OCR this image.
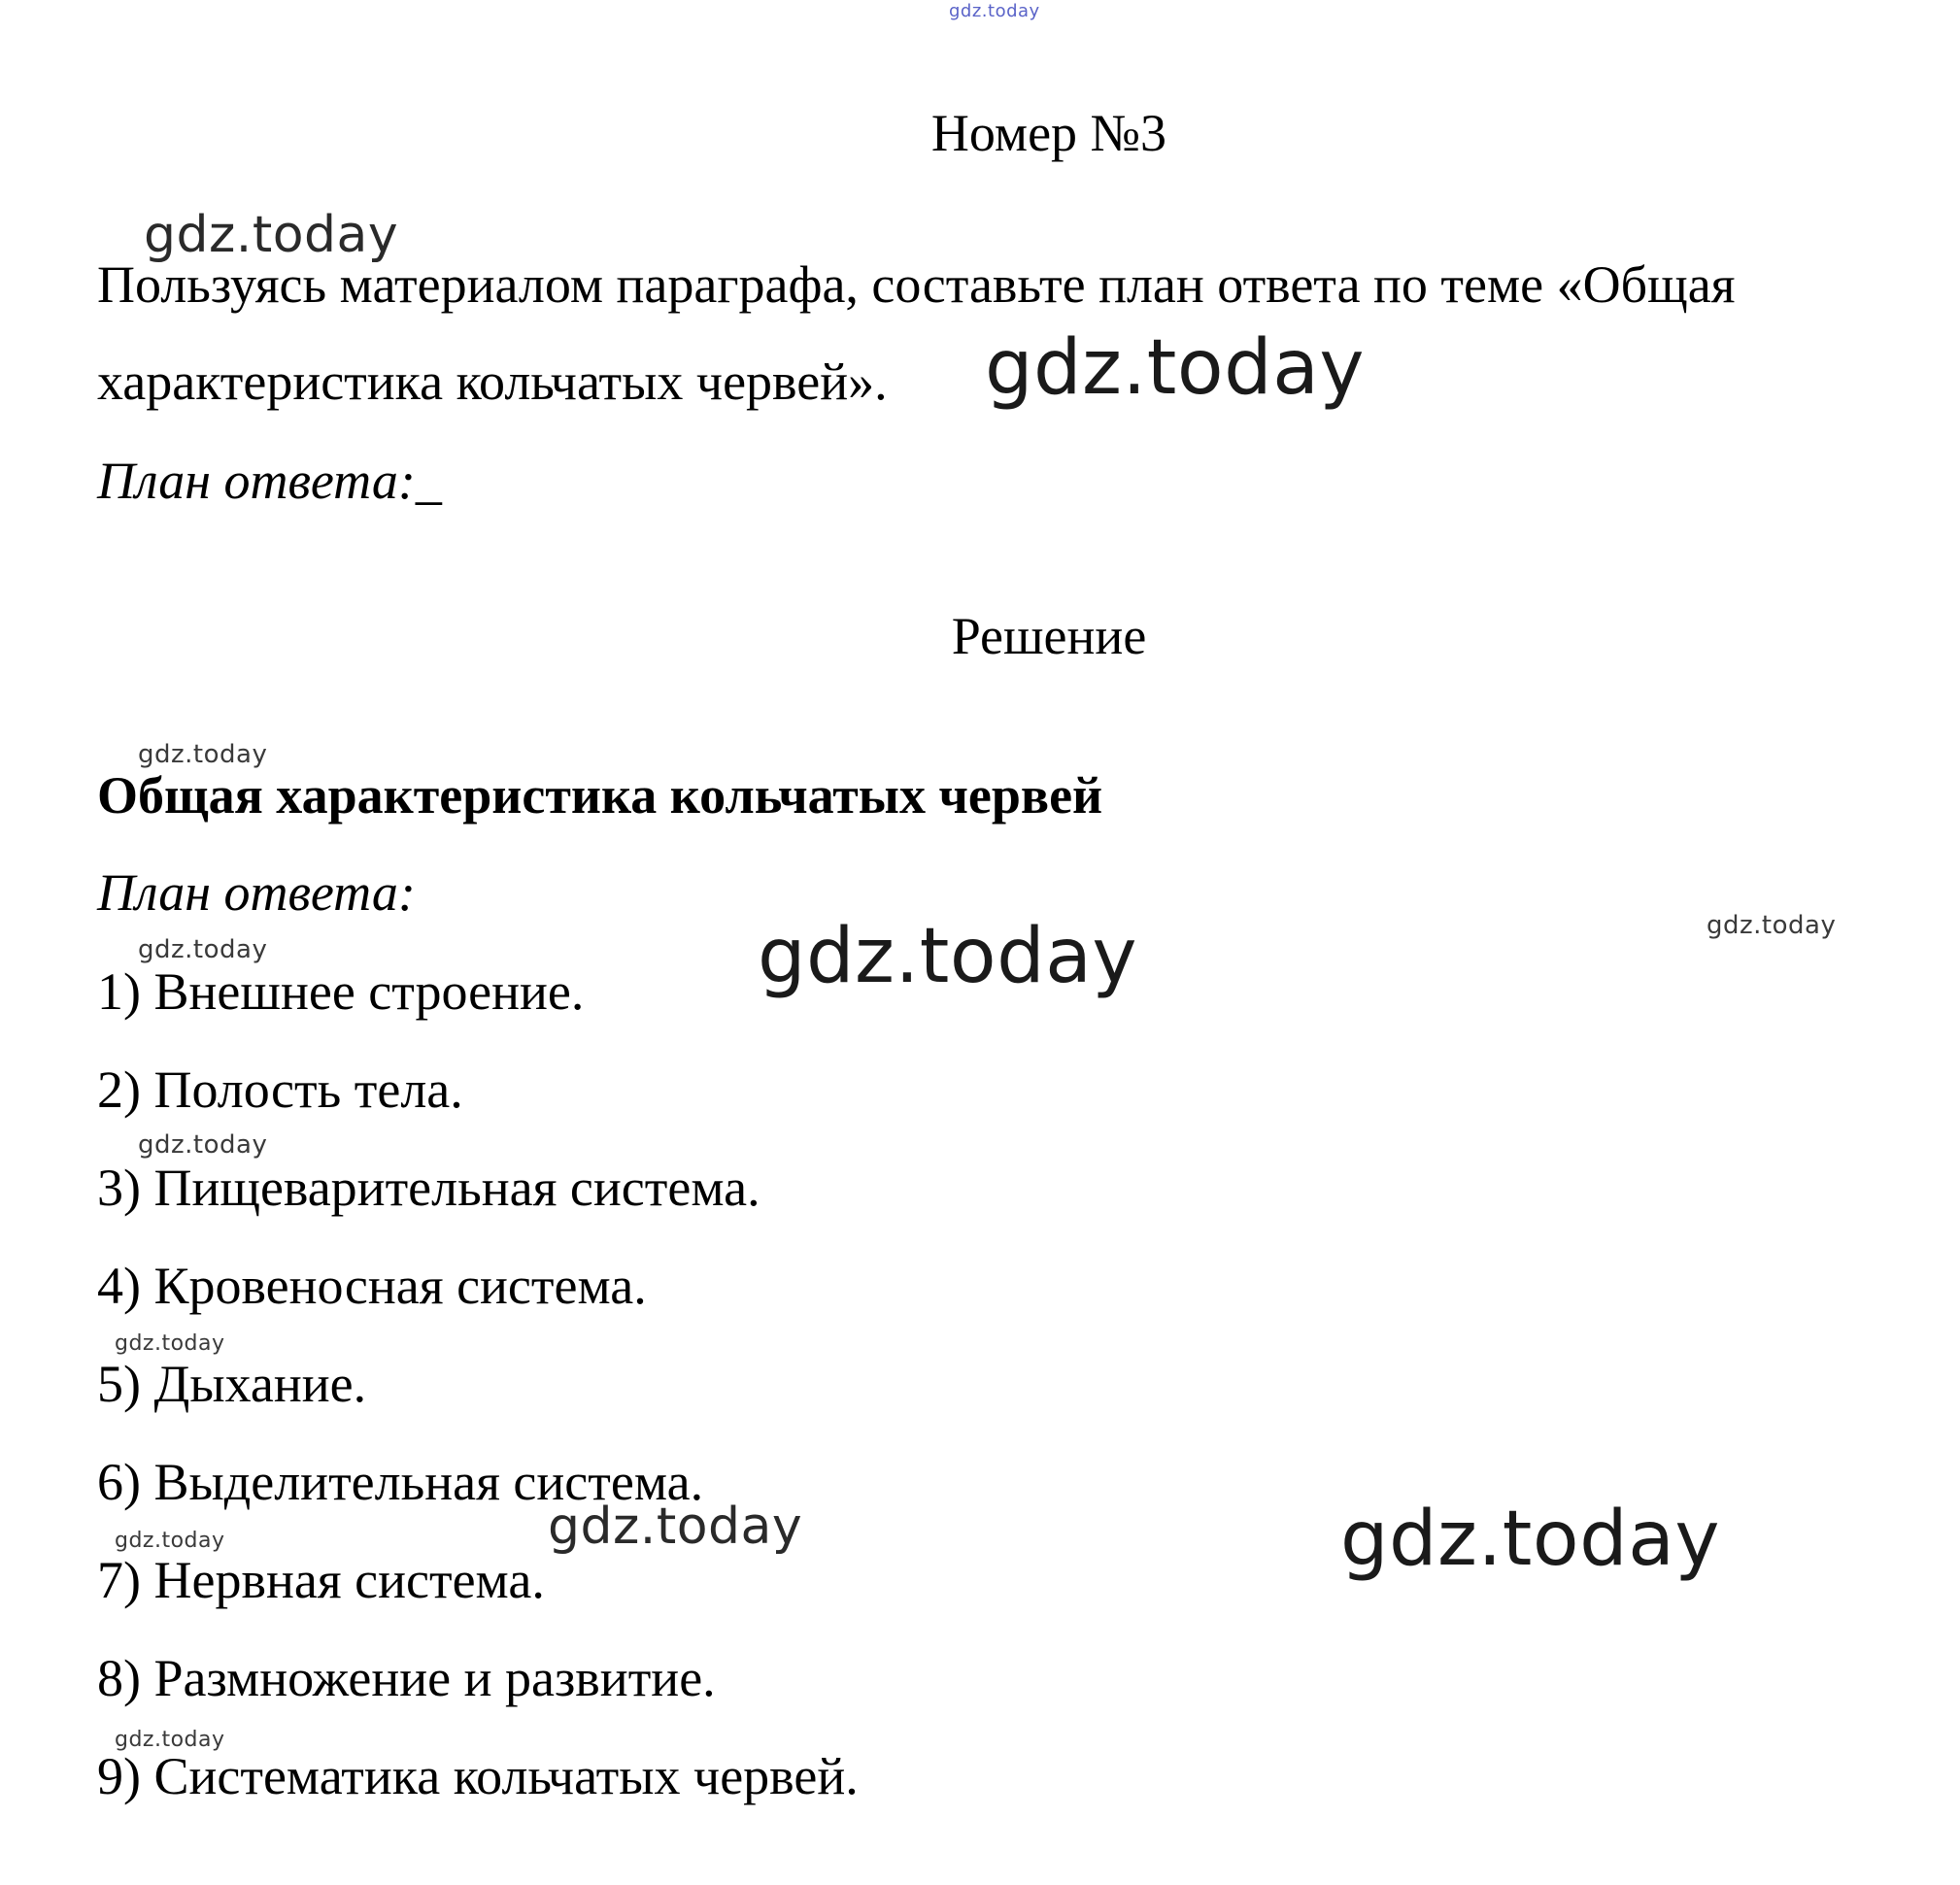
gdz.today
gdz.today
gdz.today
gdz.today
gdz.today	gdz.today
gdz.today
gdz.today
gdz.today
gdz.today	gdz.today
gdz.today
gdz.today
Номер №3
Пользуясь материалом параграфа, составьте план ответа по теме «Общая
характеристика кольчатых червей».
План ответа:_
Решение
Общая характеристика кольчатых червей
План ответа:
1) Внешнее строение.
2) Полость тела.
3) Пищеварительная система.
4) Кровеносная система.
5) Дыхание.
6) Выделительная система.
7) Нервная система.
8) Размножение и развитие.
9) Систематика кольчатых червей.
